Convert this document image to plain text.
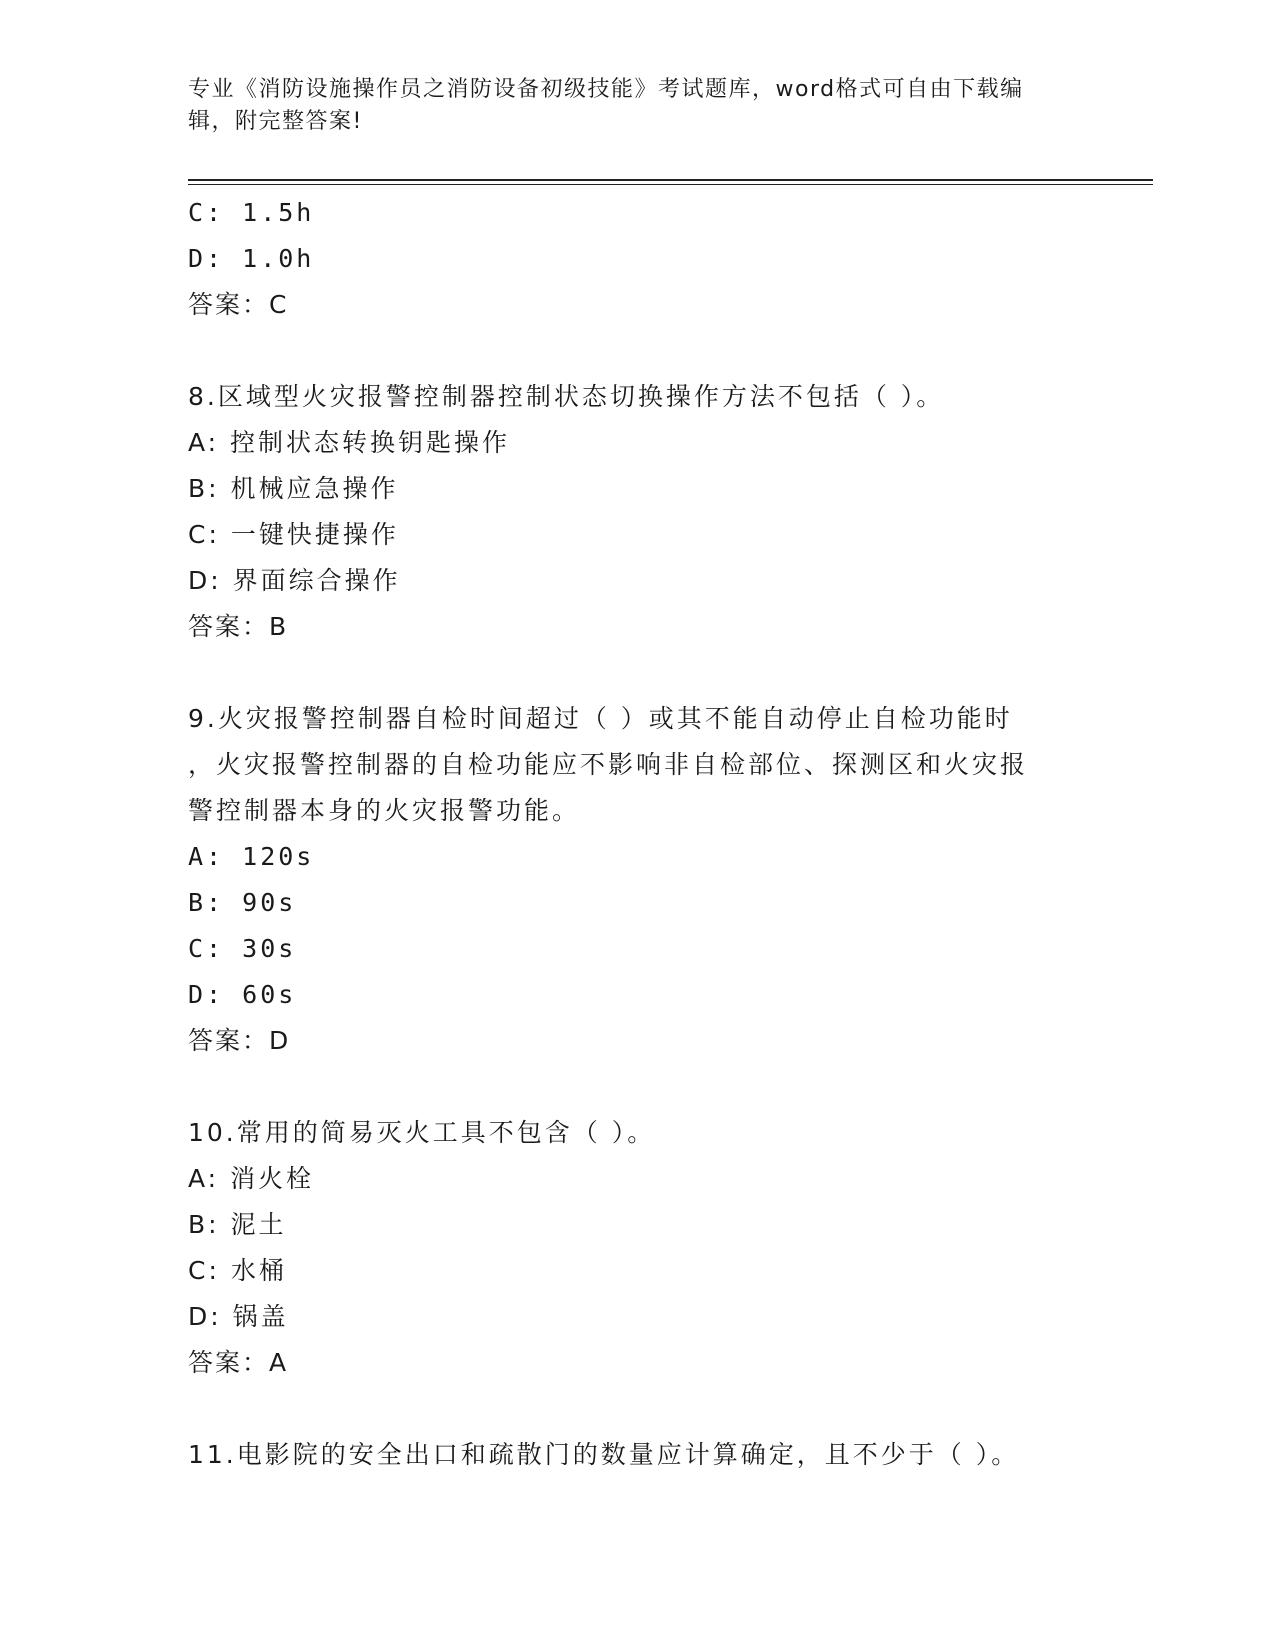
专业《消防设施操作员之消防设备初级技能》考试题库，word格式可自由下载编
辑，附完整答案!
C: 1.5h
D: 1.0h
答案：C
8.区域型火灾报警控制器控制状态切换操作方法不包括（ ）。
A: 控制状态转换钥匙操作
B: 机械应急操作
C: 一键快捷操作
D: 界面综合操作
答案：B
9.火灾报警控制器自检时间超过（ ）或其不能自动停止自检功能时
，火灾报警控制器的自检功能应不影响非自检部位、探测区和火灾报
警控制器本身的火灾报警功能。
A: 120s
B: 90s
C: 30s
D: 60s
答案：D
10.常用的简易灭火工具不包含（ ）。
A: 消火栓
B: 泥土
C: 水桶
D: 锅盖
答案：A
11.电影院的安全出口和疏散门的数量应计算确定，且不少于（ ）。
